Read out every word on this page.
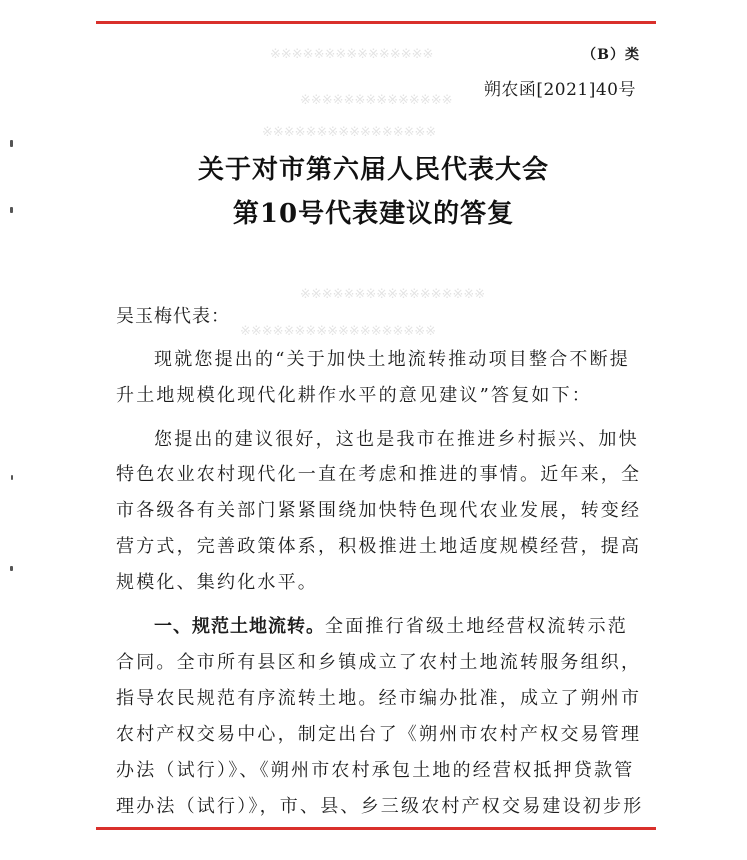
※※※※※※※※※※※※※※※
※※※※※※※※※※※※※※
※※※※※※※※※※※※※※※※
※※※※※※※※※※※※※※※※※
※※※※※※※※※※※※※※※※※※
（B）类
朔农函[2021]40号
关于对市第六届人民代表大会
第10号代表建议的答复
吴玉梅代表：
现就您提出的“关于加快土地流转推动项目整合不断提
升土地规模化现代化耕作水平的意见建议”答复如下：
您提出的建议很好，这也是我市在推进乡村振兴、加快
特色农业农村现代化一直在考虑和推进的事情。近年来，全
市各级各有关部门紧紧围绕加快特色现代农业发展，转变经
营方式，完善政策体系，积极推进土地适度规模经营，提高
规模化、集约化水平。
一、规范土地流转。全面推行省级土地经营权流转示范
合同。全市所有县区和乡镇成立了农村土地流转服务组织，
指导农民规范有序流转土地。经市编办批准，成立了朔州市
农村产权交易中心，制定出台了《朔州市农村产权交易管理
办法（试行）》、《朔州市农村承包土地的经营权抵押贷款管
理办法（试行）》，市、县、乡三级农村产权交易建设初步形
